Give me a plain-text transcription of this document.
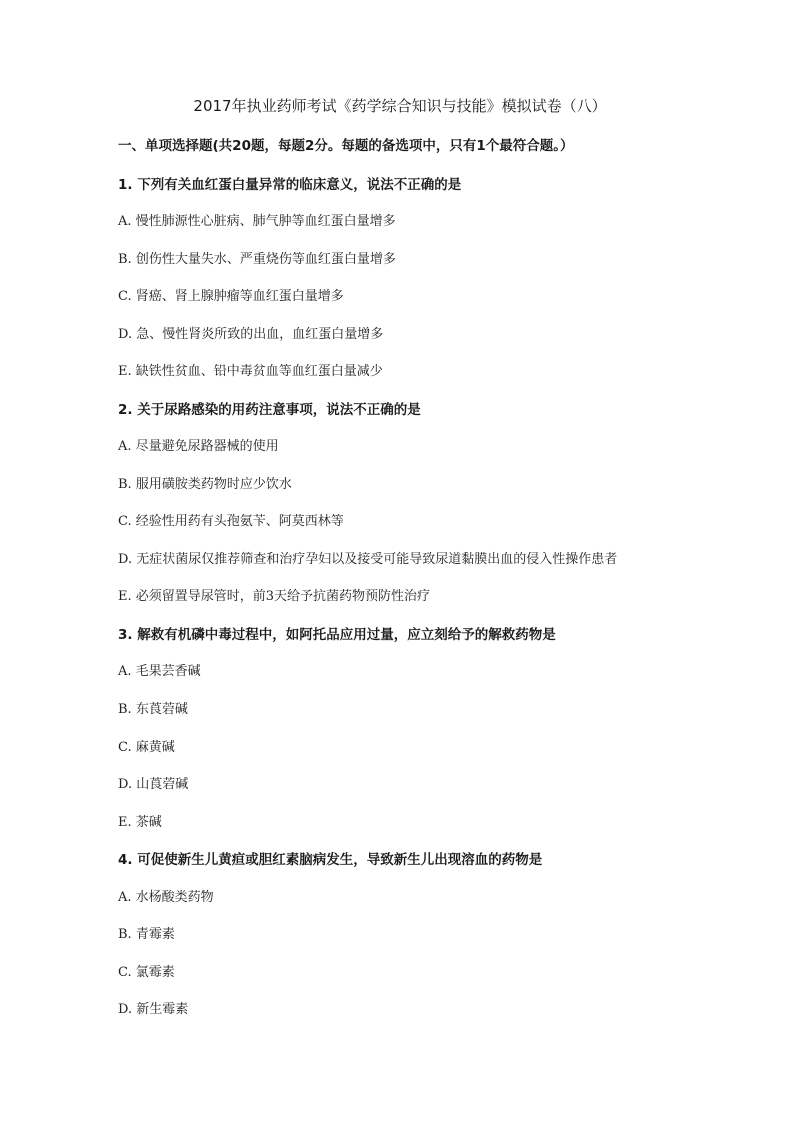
2017年执业药师考试《药学综合知识与技能》模拟试卷（八）
一、单项选择题(共20题，每题2分。每题的备选项中，只有1个最符合题。）
1. 下列有关血红蛋白量异常的临床意义，说法不正确的是
A. 慢性肺源性心脏病、肺气肿等血红蛋白量增多
B. 创伤性大量失水、严重烧伤等血红蛋白量增多
C. 肾癌、肾上腺肿瘤等血红蛋白量增多
D. 急、慢性肾炎所致的出血，血红蛋白量增多
E. 缺铁性贫血、铅中毒贫血等血红蛋白量减少
2. 关于尿路感染的用药注意事项，说法不正确的是
A. 尽量避免尿路器械的使用
B. 服用磺胺类药物时应少饮水
C. 经验性用药有头孢氨苄、阿莫西林等
D. 无症状菌尿仅推荐筛查和治疗孕妇以及接受可能导致尿道黏膜出血的侵入性操作患者
E. 必须留置导尿管时，前3天给予抗菌药物预防性治疗
3. 解救有机磷中毒过程中，如阿托品应用过量，应立刻给予的解救药物是
A. 毛果芸香碱
B. 东莨菪碱
C. 麻黄碱
D. 山莨菪碱
E. 茶碱
4. 可促使新生儿黄疸或胆红素脑病发生，导致新生儿出现溶血的药物是
A. 水杨酸类药物
B. 青霉素
C. 氯霉素
D. 新生霉素
